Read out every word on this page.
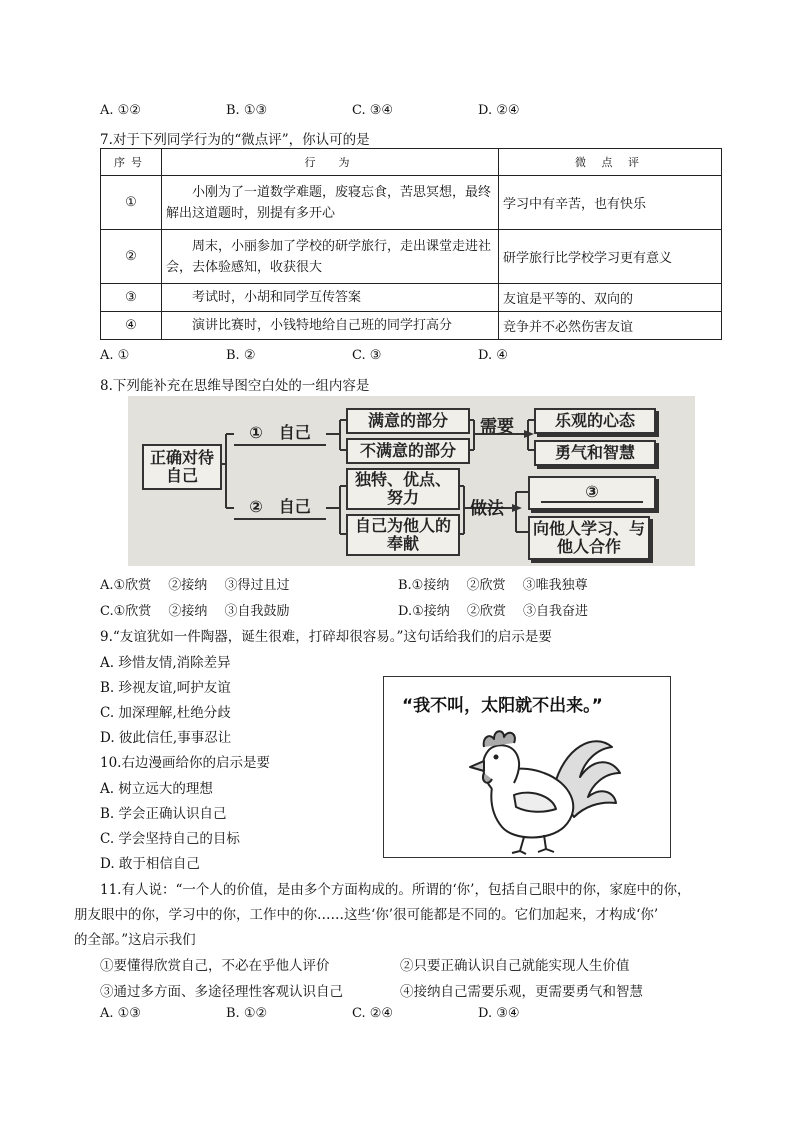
A. ①②	B. ①③	C. ③④	D. ②④
7.对于下列同学行为的“微点评”，你认可的是
序号	行　为	微 点 评
①	小刚为了一道数学难题，废寝忘食，苦思冥想，最终解出这道题时，别提有多开心	学习中有辛苦，也有快乐
②	周末，小丽参加了学校的研学旅行，走出课堂走进社会，去体验感知，收获很大	研学旅行比学校学习更有意义
③	考试时，小胡和同学互传答案	友谊是平等的、双向的
④	演讲比赛时，小钱特地给自己班的同学打高分	竞争并不必然伤害友谊
A. ①	B. ②	C. ③	D. ④
8.下列能补充在思维导图空白处的一组内容是
正确对待自己
①　自己
②　自己
满意的部分
不满意的部分
需要	乐观的心态
勇气和智慧
独特、优点、努力
自己为他人的奉献
做法
③
向他人学习、与他人合作
A.①欣赏　 ②接纳　 ③得过且过	B.①接纳　 ②欣赏　 ③唯我独尊
C.①欣赏　 ②接纳　 ③自我鼓励	D.①接纳　 ②欣赏　 ③自我奋进
9.“友谊犹如一件陶器，诞生很难，打碎却很容易。”这句话给我们的启示是要
A. 珍惜友情,消除差异
B. 珍视友谊,呵护友谊
C. 加深理解,杜绝分歧
D. 彼此信任,事事忍让
10.右边漫画给你的启示是要
A. 树立远大的理想
B. 学会正确认识自己
C. 学会坚持自己的目标
D. 敢于相信自己
“我不叫，太阳就不出来。”
11.有人说：“一个人的价值，是由多个方面构成的。所谓的‘你’，包括自己眼中的你，家庭中的你，
朋友眼中的你，学习中的你，工作中的你……这些‘你’很可能都是不同的。它们加起来，才构成‘你’
的全部。”这启示我们
①要懂得欣赏自己，不必在乎他人评价	②只要正确认识自己就能实现人生价值
③通过多方面、多途径理性客观认识自己	④接纳自己需要乐观，更需要勇气和智慧
A. ①③	B. ①②	C. ②④	D. ③④
